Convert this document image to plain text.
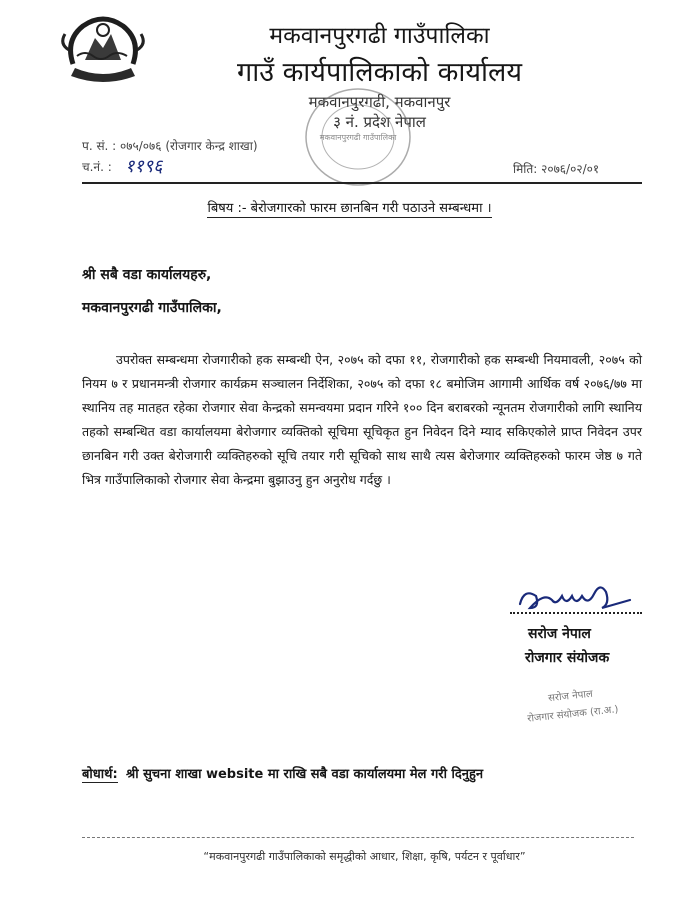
मकवानपुरगढी गाउँपालिका
गाउँ कार्यपालिकाको कार्यालय
मकवानपुरगढी, मकवानपुर
३ नं. प्रदेश नेपाल
मकवानपुरगढी गाउँपालिका
प. सं. : ०७५/०७६ (रोजगार केन्द्र शाखा)
च.नं. : ११९६	मिति: २०७६/०२/०१
बिषय :- बेरोजगारको फारम छानबिन गरी पठाउने सम्बन्धमा ।
श्री सबै वडा कार्यालयहरु,
मकवानपुरगढी गाउँपालिका,
उपरोक्त सम्बन्धमा रोजगारीको हक सम्बन्धी ऐन, २०७५ को दफा ११, रोजगारीको हक सम्बन्धी नियमावली, २०७५ को नियम ७ र प्रधानमन्त्री रोजगार कार्यक्रम सञ्चालन निर्देशिका, २०७५ को दफा १८ बमोजिम आगामी आर्थिक वर्ष २०७६/७७ मा स्थानिय तह मातहत रहेका रोजगार सेवा केन्द्रको समन्वयमा प्रदान गरिने १०० दिन बराबरको न्यूनतम रोजगारीको लागि स्थानिय तहको सम्बन्धित वडा कार्यालयमा बेरोजगार व्यक्तिको सूचिमा सूचिकृत हुन निवेदन दिने म्याद सकिएकोले प्राप्त निवेदन उपर छानबिन गरी उक्त बेरोजगारी व्यक्तिहरुको सूचि तयार गरी सूचिको साथ साथै त्यस बेरोजगार व्यक्तिहरुको फारम जेष्ठ ७ गते भित्र गाउँपालिकाको रोजगार सेवा केन्द्रमा बुझाउनु हुन अनुरोध गर्दछु ।
सरोज नेपाल
रोजगार संयोजक
सरोज नेपाल
रोजगार संयोजक (रा.अ.)
बोधार्थ: श्री सुचना शाखा website मा राखि सबै वडा कार्यालयमा मेल गरी दिनुहुन
“मकवानपुरगढी गाउँपालिकाको समृद्धीको आधार, शिक्षा, कृषि, पर्यटन र पूर्वाधार”
